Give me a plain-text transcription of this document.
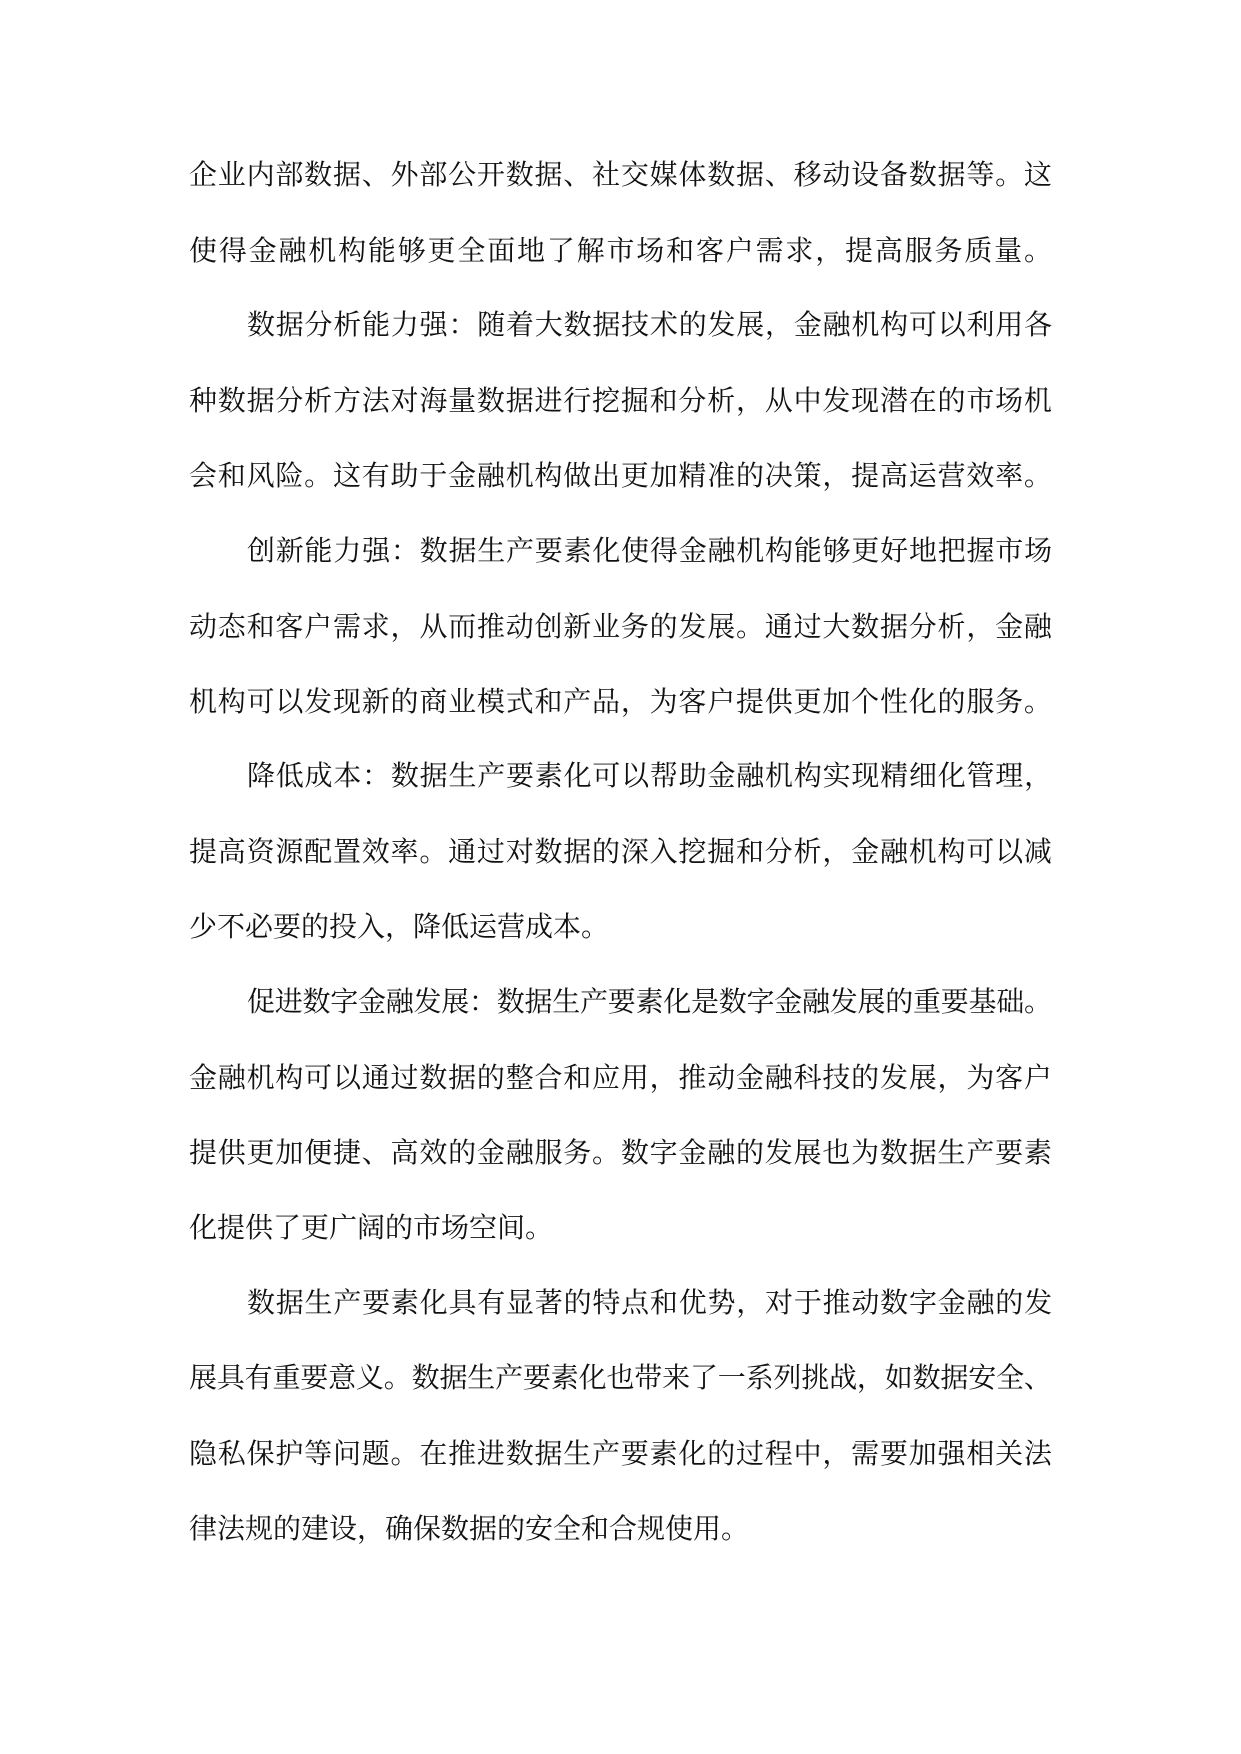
企业内部数据、外部公开数据、社交媒体数据、移动设备数据等。这

使得金融机构能够更全面地了解市场和客户需求，提高服务质量。

数据分析能力强：随着大数据技术的发展，金融机构可以利用各

种数据分析方法对海量数据进行挖掘和分析，从中发现潜在的市场机

会和风险。这有助于金融机构做出更加精准的决策，提高运营效率。

创新能力强：数据生产要素化使得金融机构能够更好地把握市场

动态和客户需求，从而推动创新业务的发展。通过大数据分析，金融

机构可以发现新的商业模式和产品，为客户提供更加个性化的服务。

降低成本：数据生产要素化可以帮助金融机构实现精细化管理，

提高资源配置效率。通过对数据的深入挖掘和分析，金融机构可以减

少不必要的投入，降低运营成本。

促进数字金融发展：数据生产要素化是数字金融发展的重要基础。

金融机构可以通过数据的整合和应用，推动金融科技的发展，为客户

提供更加便捷、高效的金融服务。数字金融的发展也为数据生产要素

化提供了更广阔的市场空间。

数据生产要素化具有显著的特点和优势，对于推动数字金融的发

展具有重要意义。数据生产要素化也带来了一系列挑战，如数据安全、

隐私保护等问题。在推进数据生产要素化的过程中，需要加强相关法

律法规的建设，确保数据的安全和合规使用。
